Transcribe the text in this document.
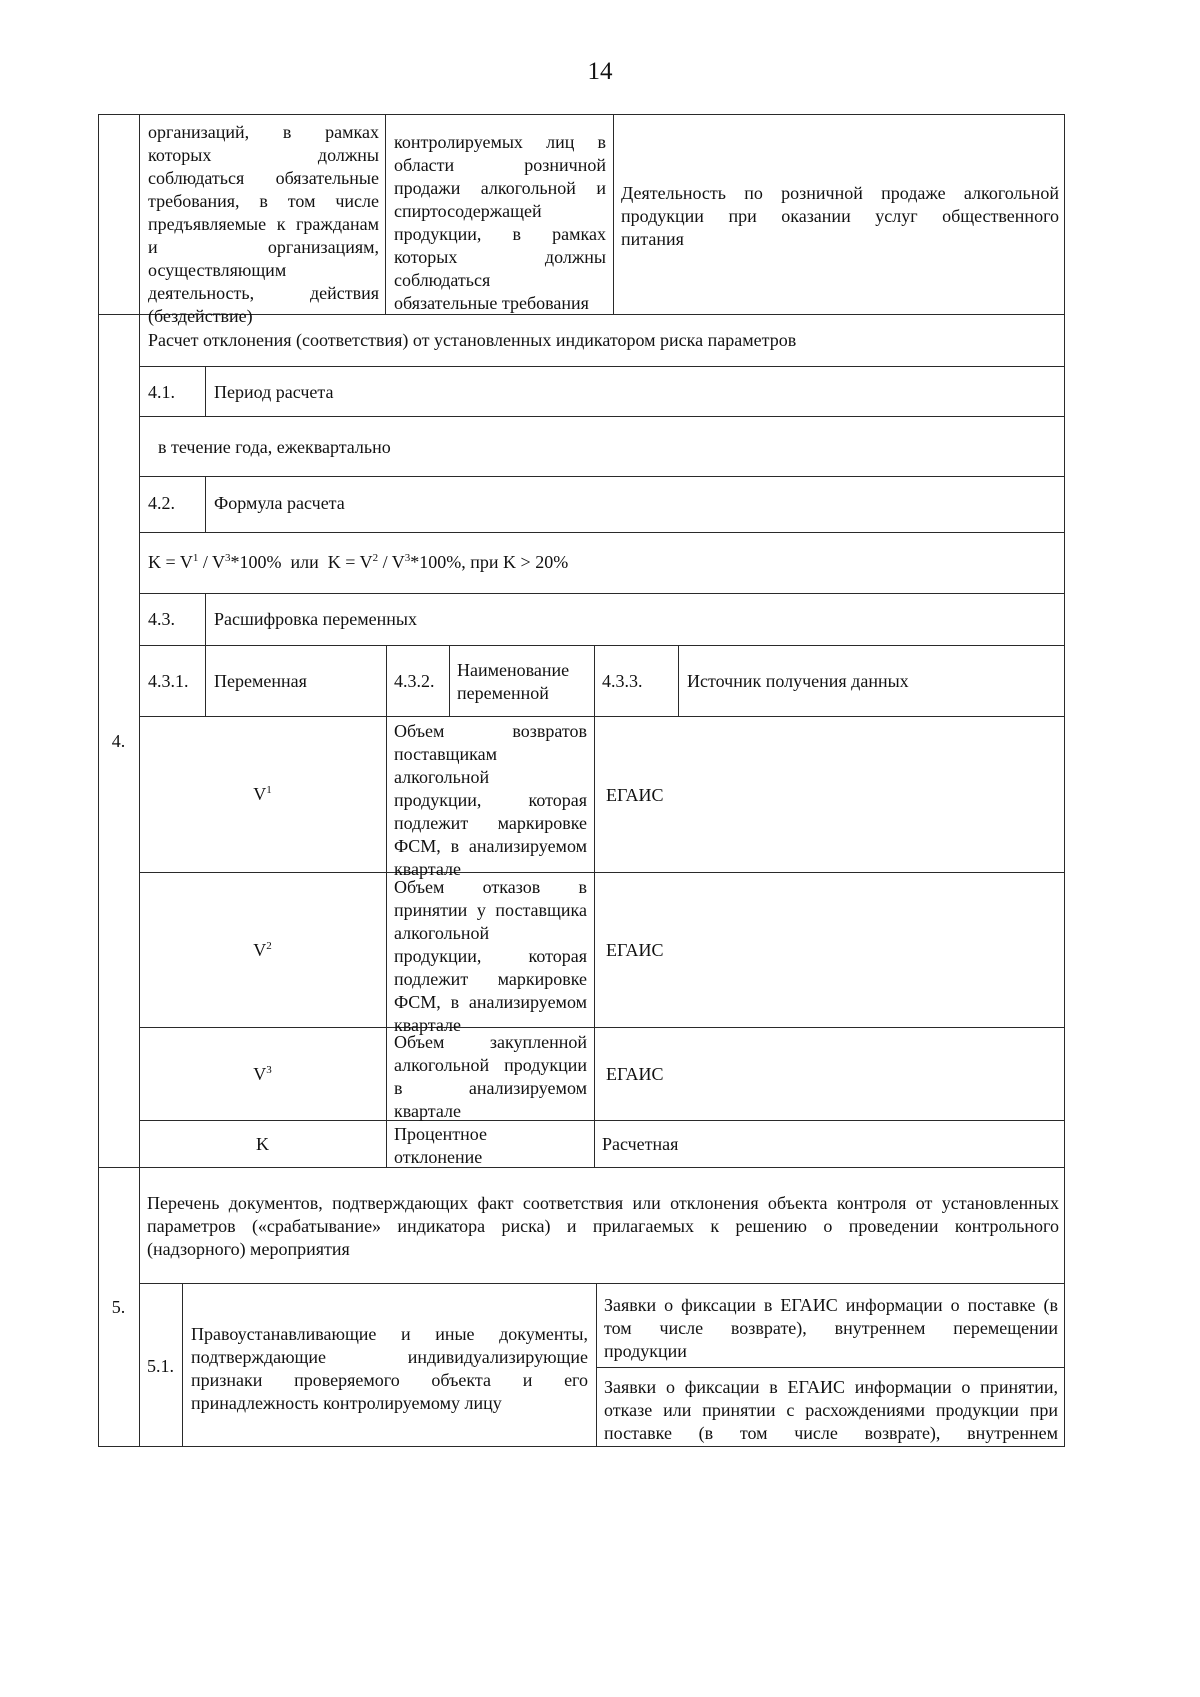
14
организаций, в рамках
которых должны
соблюдаться обязательные
требования, в том числе
предъявляемые к гражданам
и организациям,
осуществляющим
деятельность, действия
(бездействие)
контролируемых лиц в
области розничной
продажи алкогольной и
спиртосодержащей
продукции, в рамках
которых должны
соблюдаться
обязательные требования
Деятельность по розничной продаже алкогольной
продукции при оказании услуг общественного
питания
4.
Расчет отклонения (соответствия) от установленных индикатором риска параметров
4.1. Период расчета
в течение года, ежеквартально
4.2. Формула расчета
$K = V^1 / V^3*100\%$  или  $K = V^2 / V^3*100\%$, при K > 20%
4.3. Расшифровка переменных
4.3.1. Переменная	4.3.2.
Наименование
переменной
4.3.3. Источник получения данных
$V^1$
Объем возвратов
поставщикам
алкогольной
продукции, которая
подлежит маркировке
ФСМ, в анализируемом
квартале
ЕГАИС
$V^2$
Объем отказов в
принятии у поставщика
алкогольной
продукции, которая
подлежит маркировке
ФСМ, в анализируемом
квартале
ЕГАИС
$V^3$
Объем закупленной
алкогольной продукции
в анализируемом
квартале
ЕГАИС
K	Процентное
отклонение
Расчетная
5.
Перечень документов, подтверждающих факт соответствия или отклонения объекта контроля от установленных
параметров («срабатывание» индикатора риска) и прилагаемых к решению о проведении контрольного
(надзорного) мероприятия
5.1.
Правоустанавливающие и иные документы,
подтверждающие индивидуализирующие
признаки проверяемого объекта и его
принадлежность контролируемому лицу
Заявки о фиксации в ЕГАИС информации о поставке (в
том числе возврате), внутреннем перемещении
продукции
Заявки о фиксации в ЕГАИС информации о принятии,
отказе или принятии с расхождениями продукции при
поставке (в том числе возврате), внутреннем
